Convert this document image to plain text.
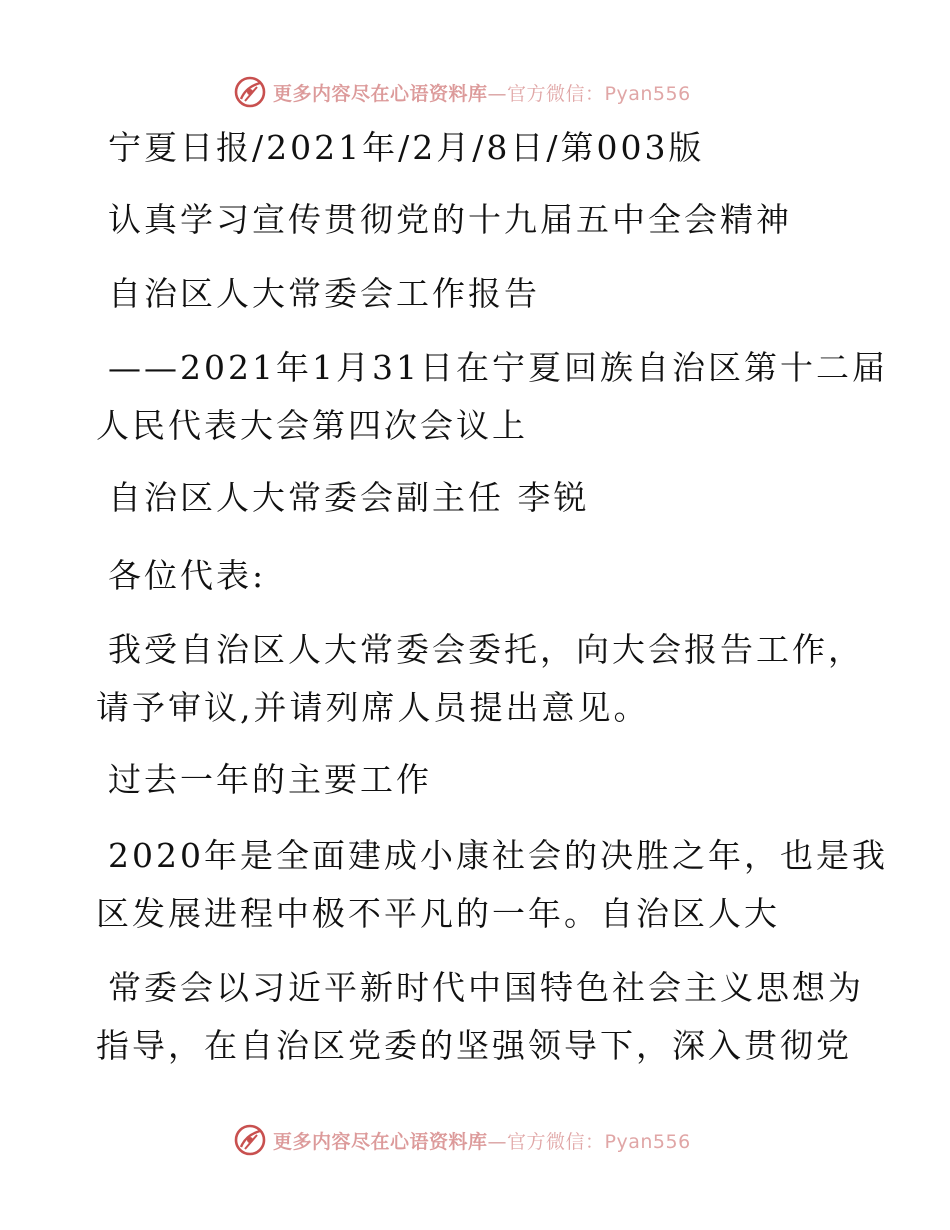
更多内容尽在心语资料库—官方微信：Pyan556
宁夏日报/2021年/2月/8日/第003版
认真学习宣传贯彻党的十九届五中全会精神
自治区人大常委会工作报告
——2021年1月31日在宁夏回族自治区第十二届
人民代表大会第四次会议上
自治区人大常委会副主任 李锐
各位代表:
我受自治区人大常委会委托，向大会报告工作，
请予审议,并请列席人员提出意见。
过去一年的主要工作
2020年是全面建成小康社会的决胜之年，也是我
区发展进程中极不平凡的一年。自治区人大
常委会以习近平新时代中国特色社会主义思想为
指导，在自治区党委的坚强领导下，深入贯彻党
更多内容尽在心语资料库—官方微信：Pyan556
